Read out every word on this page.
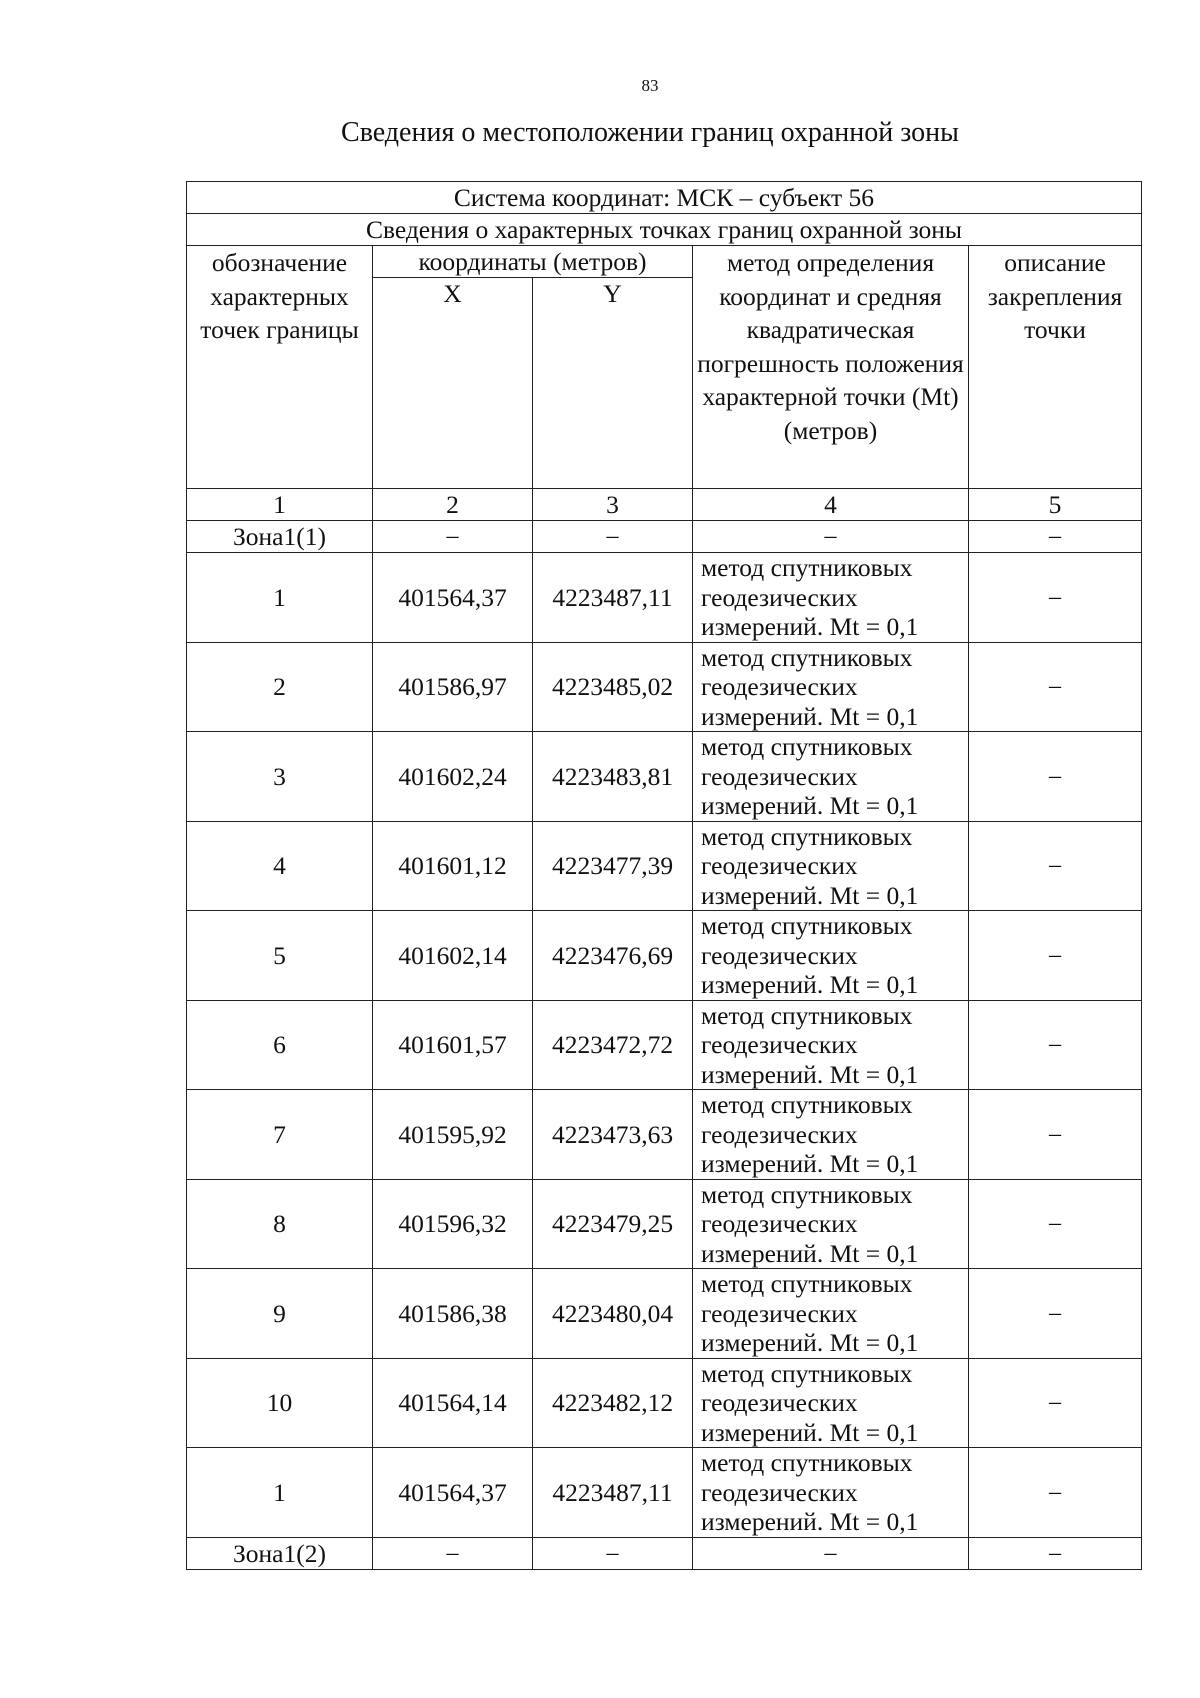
83
Сведения о местоположении границ охранной зоны
Система координат: МСК – субъект 56				
Сведения о характерных точках границ охранной зоны				
обозначение характерных точек границы	координаты (метров)		метод определения координат и средняя квадратическая погрешность положения характерной точки (Mt) (метров)	описание закрепления точки
	X	Y		
1	2	3	4	5
Зона1(1)	–	–	–	–
1	401564,37	4223487,11	метод спутниковых геодезических измерений. Mt = 0,1	–
2	401586,97	4223485,02	метод спутниковых геодезических измерений. Mt = 0,1	–
3	401602,24	4223483,81	метод спутниковых геодезических измерений. Mt = 0,1	–
4	401601,12	4223477,39	метод спутниковых геодезических измерений. Mt = 0,1	–
5	401602,14	4223476,69	метод спутниковых геодезических измерений. Mt = 0,1	–
6	401601,57	4223472,72	метод спутниковых геодезических измерений. Mt = 0,1	–
7	401595,92	4223473,63	метод спутниковых геодезических измерений. Mt = 0,1	–
8	401596,32	4223479,25	метод спутниковых геодезических измерений. Mt = 0,1	–
9	401586,38	4223480,04	метод спутниковых геодезических измерений. Mt = 0,1	–
10	401564,14	4223482,12	метод спутниковых геодезических измерений. Mt = 0,1	–
1	401564,37	4223487,11	метод спутниковых геодезических измерений. Mt = 0,1	–
Зона1(2)	–	–	–	–
